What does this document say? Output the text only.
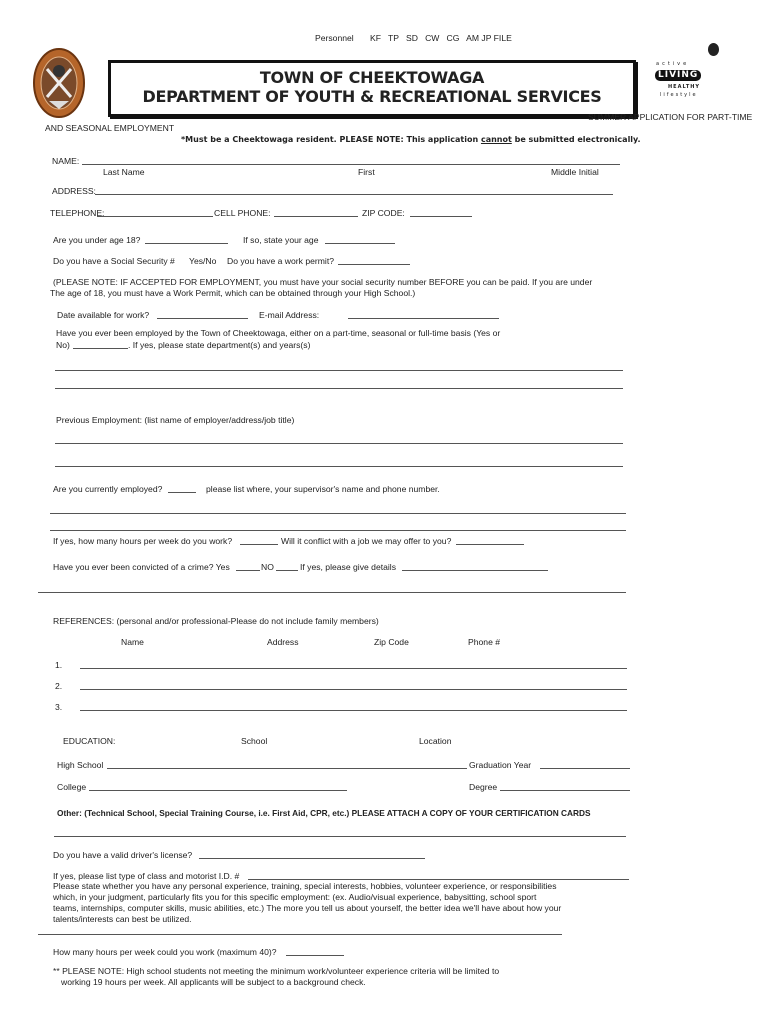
Personnel KF   TP   SD   CW   CG   AM JP FILE
TOWN OF CHEEKTOWAGA
DEPARTMENT OF YOUTH & RECREATIONAL SERVICES
active
LIVING
HEALTHY
lifestyle
SUMMER APPLICATION FOR PART-TIME
AND SEASONAL EMPLOYMENT
*Must be a Cheektowaga resident. PLEASE NOTE: This application cannot be submitted electronically.
NAME:
Last Name	First	Middle Initial
ADDRESS:
TELEPHONE:	CELL PHONE:	ZIP CODE:
Are you under age 18?	If so, state your age
Do you have a Social Security # Yes/No Do you have a work permit?
(PLEASE NOTE: IF ACCEPTED FOR EMPLOYMENT, you must have your social security number BEFORE you can be paid. If you are under
The age of 18, you must have a Work Permit, which can be obtained through your High School.)
Date available for work?	E-mail Address:
Have you ever been employed by the Town of Cheektowaga, either on a part-time, seasonal or full-time basis (Yes or
No)	. If yes, please state department(s) and years(s)
Previous Employment: (list name of employer/address/job title)
Are you currently employed?	please list where, your supervisor's name and phone number.
If yes, how many hours per week do you work?	Will it conflict with a job we may offer to you?
Have you ever been convicted of a crime? Yes	NO	If yes, please give details
REFERENCES: (personal and/or professional-Please do not include family members)
Name	Address	Zip Code	Phone #
1.
2.
3.
EDUCATION:	School	Location
High School	Graduation Year
College	Degree
Other: (Technical School, Special Training Course, i.e. First Aid, CPR, etc.) PLEASE ATTACH A COPY OF YOUR CERTIFICATION CARDS
Do you have a valid driver's license?
If yes, please list type of class and motorist I.D. #
Please state whether you have any personal experience, training, special interests, hobbies, volunteer experience, or responsibilities
which, in your judgment, particularly fits you for this specific employment: (ex. Audio/visual experience, babysitting, school sport
teams, internships, computer skills, music abilities, etc.) The more you tell us about yourself, the better idea we'll have about how your
talents/interests can best be utilized.
How many hours per week could you work (maximum 40)?
** PLEASE NOTE: High school students not meeting the minimum work/volunteer experience criteria will be limited to
working 19 hours per week. All applicants will be subject to a background check.
